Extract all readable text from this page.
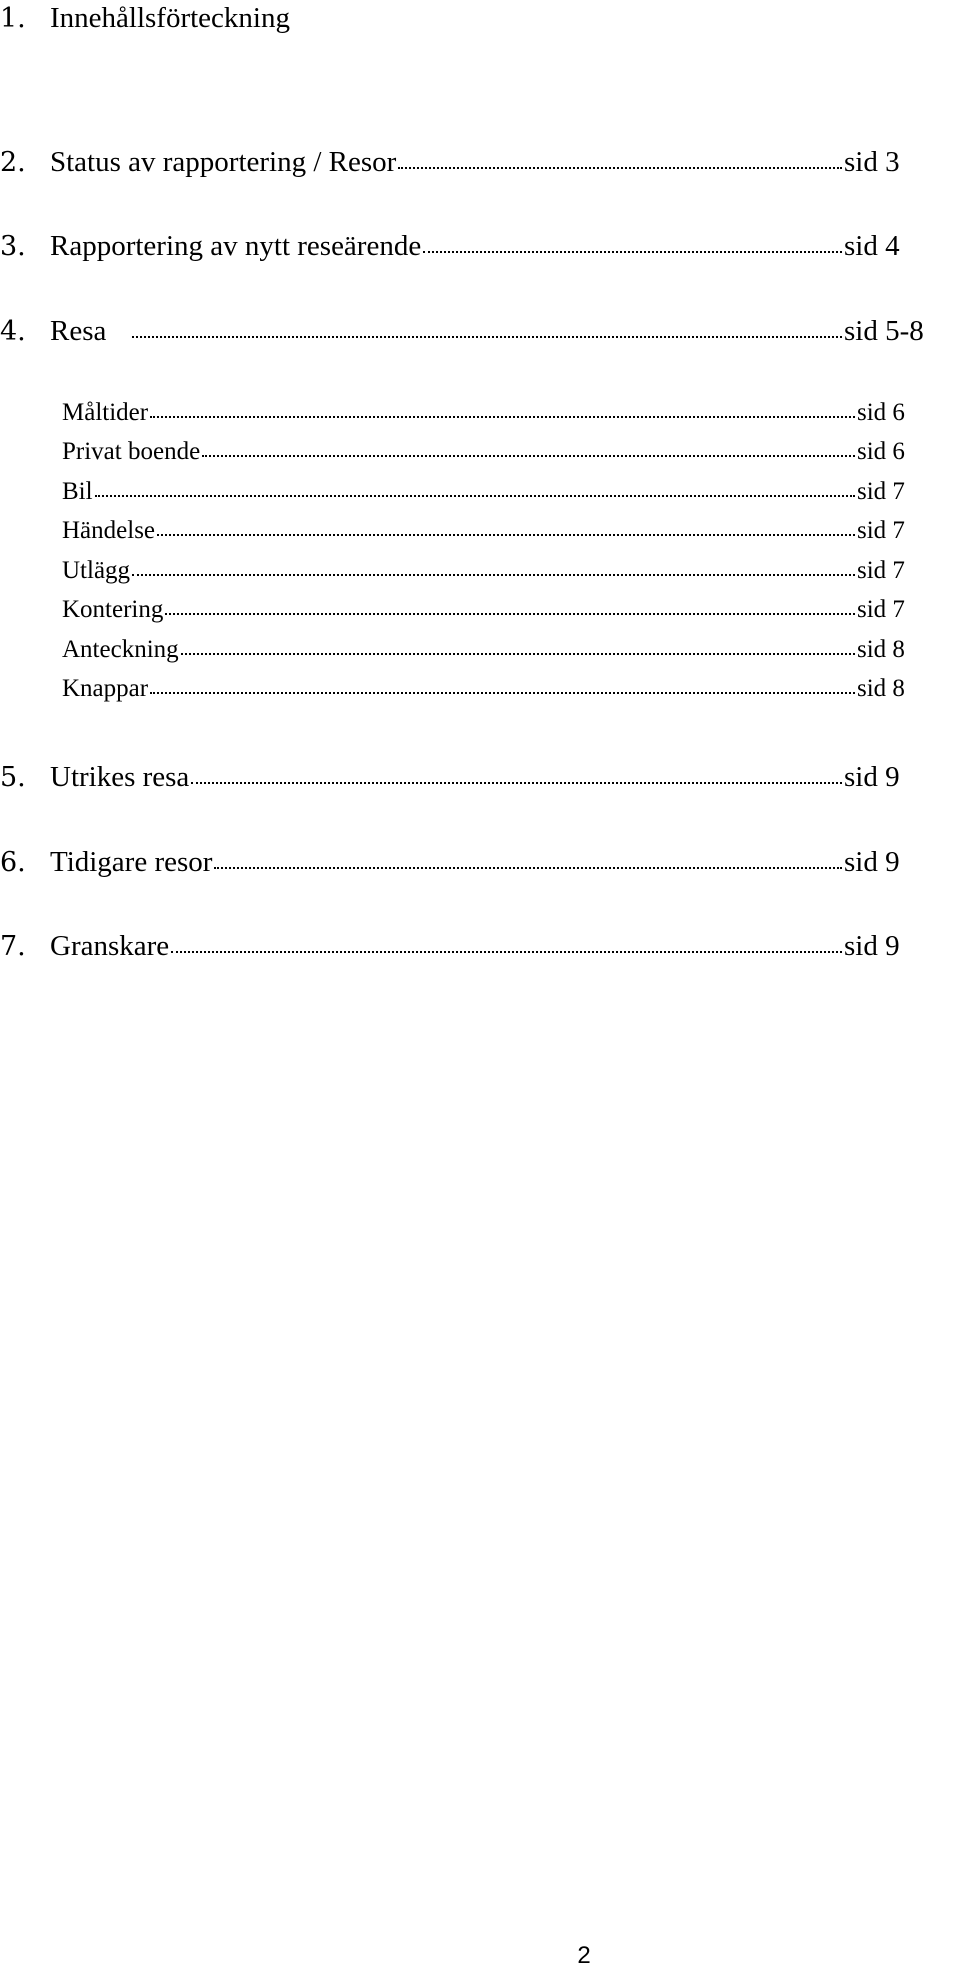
1. Innehållsförteckning
2. Status av rapportering / Resor	sid 3
3. Rapportering av nytt reseärende	sid 4
4. Resa	sid 5-8
Måltider	sid 6
Privat boende	sid 6
Bil	sid 7
Händelse	sid 7
Utlägg	sid 7
Kontering	sid 7
Anteckning	sid 8
Knappar	sid 8
5. Utrikes resa	sid 9
6. Tidigare resor	sid 9
7. Granskare	sid 9
2
